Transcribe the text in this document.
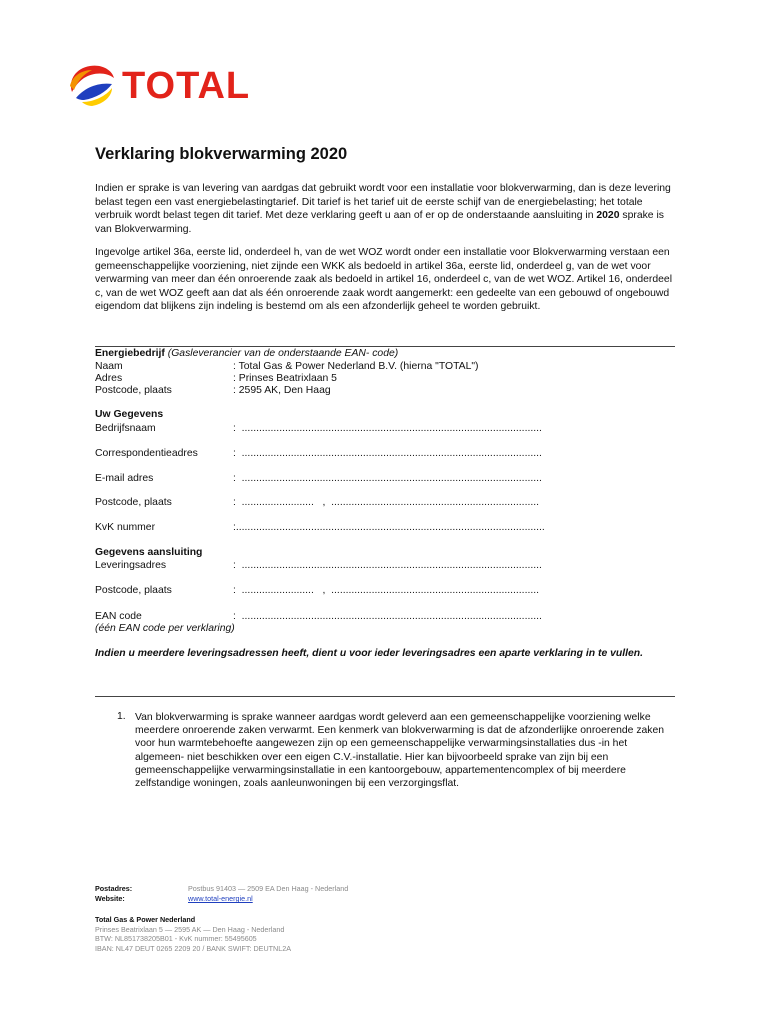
TOTAL
Verklaring blokverwarming 2020

Indien er sprake is van levering van aardgas dat gebruikt wordt voor een installatie voor blokverwarming, dan is deze levering belast tegen een vast energiebelastingtarief. Dit tarief is het tarief uit de eerste schijf van de energiebelasting; het totale verbruik wordt belast tegen dit tarief. Met deze verklaring geeft u aan of er op de onderstaande aansluiting in 2020 sprake is van Blokverwarming.

Ingevolge artikel 36a, eerste lid, onderdeel h, van de wet WOZ wordt onder een installatie voor Blokverwarming verstaan een gemeenschappelijke voorziening, niet zijnde een WKK als bedoeld in artikel 36a, eerste lid, onderdeel g, van de wet voor verwarming van meer dan één onroerende zaak als bedoeld in artikel 16, onderdeel c, van de wet WOZ. Artikel 16, onderdeel c, van de wet WOZ geeft aan dat als één onroerende zaak wordt aangemerkt: een gedeelte van een gebouwd of ongebouwd eigendom dat blijkens zijn indeling is bestemd om als een afzonderlijk geheel te worden gebruikt.

Energiebedrijf (Gasleverancier van de onderstaande EAN- code)
Naam	: Total Gas & Power Nederland B.V. (hierna "TOTAL")
Adres	: Prinses Beatrixlaan 5
Postcode, plaats	: 2595 AK, Den Haag
Uw Gegevens
Bedrijfsnaam	:  ........................................................................................................
Correspondentieadres	:  ........................................................................................................
E-mail adres	:  ........................................................................................................
Postcode, plaats	:  .........................   ,  ........................................................................
KvK nummer	:...........................................................................................................
Gegevens aansluiting
Leveringsadres	:  ........................................................................................................
Postcode, plaats	:  .........................   ,  ........................................................................
EAN code	:  ........................................................................................................
(één EAN code per verklaring)

Indien u meerdere leveringsadressen heeft, dient u voor ieder leveringsadres een aparte verklaring in te vullen.

1. Van blokverwarming is sprake wanneer aardgas wordt geleverd aan een gemeenschappelijke voorziening welke meerdere onroerende zaken verwarmt. Een kenmerk van blokverwarming is dat de afzonderlijke onroerende zaken voor hun warmtebehoefte aangewezen zijn op een gemeenschappelijke verwarmingsinstallaties dus -in het algemeen- niet beschikken over een eigen C.V.-installatie. Hier kan bijvoorbeeld sprake van zijn bij een gemeenschappelijke verwarmingsinstallatie in een kantoorgebouw, appartementencomplex of bij meerdere zelfstandige woningen, zoals aanleunwoningen bij een verzorgingsflat.

Postadres:	Postbus 91403 — 2509 EA Den Haag - Nederland
Website:	www.total-energie.nl
Total Gas & Power Nederland
Prinses Beatrixlaan 5 — 2595 AK — Den Haag - Nederland
BTW: NL851738205B01 - KvK nummer: 55495605
IBAN: NL47 DEUT 0265 2209 20 / BANK SWIFT: DEUTNL2A
